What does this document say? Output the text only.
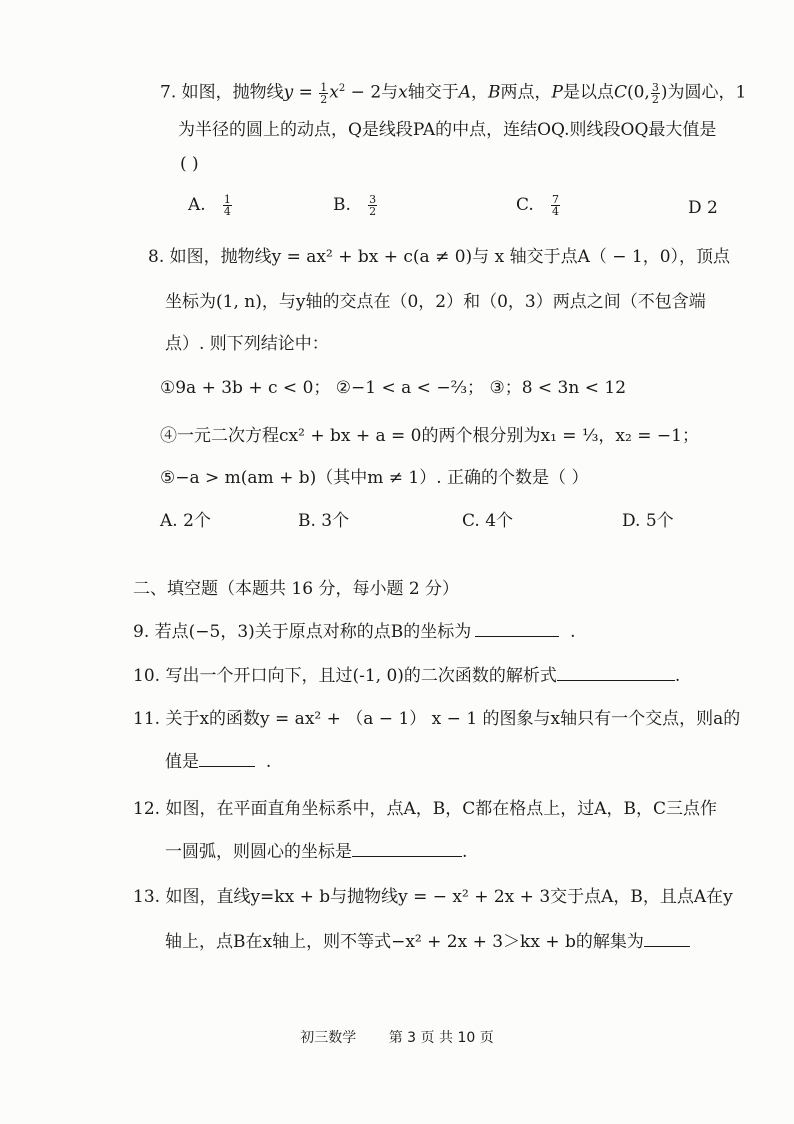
7. 如图，抛物线$y = \frac{1}{2} x^2 - 2$与x轴交于A，B两点，P是以点C(0, $\frac{3}{2}$ )为圆心，1
为半径的圆上的动点，Q是线段PA的中点，连结OQ.则线段OQ最大值是
( )
A. $\frac{1}{4}$	B. $\frac{3}{2}$	C. $\frac{7}{4}$	D 2
8. 如图，抛物线y = ax² + bx + c(a ≠ 0)与 x 轴交于点A（ − 1，0），顶点
坐标为(1, n)，与y轴的交点在（0，2）和（0，3）两点之间（不包含端
点）. 则下列结论中：
①9a + 3b + c < 0； ②−1 < a < −⅔； ③；8 < 3n < 12
④一元二次方程cx² + bx + a = 0的两个根分别为x₁ = ⅓，x₂ = −1；
⑤−a > m(am + b)（其中m ≠ 1）. 正确的个数是（ ）
A. 2个	B. 3个	C. 4个	D. 5个
二、填空题（本题共 16 分，每小题 2 分）
9. 若点(−5，3)关于原点对称的点B的坐标为	.
10. 写出一个开口向下，且过(-1, 0)的二次函数的解析式	.
11. 关于x的函数y = ax² + （a − 1） x − 1 的图象与x轴只有一个交点，则a的
值是	.
12. 如图，在平面直角坐标系中，点A，B，C都在格点上，过A，B，C三点作
一圆弧，则圆心的坐标是	.
13. 如图，直线y=kx + b与抛物线y = − x² + 2x + 3交于点A，B，且点A在y
轴上，点B在x轴上，则不等式−x² + 2x + 3＞kx + b的解集为
初三数学 第 3 页 共 10 页
